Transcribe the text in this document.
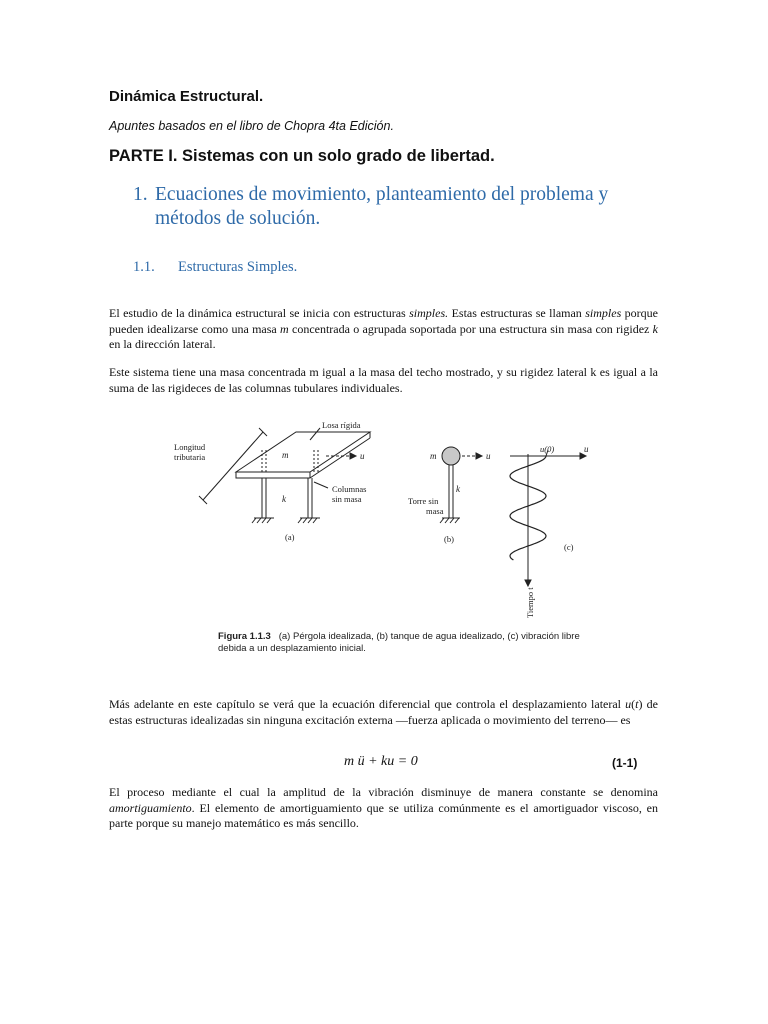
Dinámica Estructural.
Apuntes basados en el libro de Chopra 4ta Edición.
PARTE I. Sistemas con un solo grado de libertad.
1. Ecuaciones de movimiento, planteamiento del problema y métodos de solución.
1.1. Estructuras Simples.

El estudio de la dinámica estructural se inicia con estructuras simples. Estas estructuras se llaman simples porque pueden idealizarse como una masa m concentrada o agrupada soportada por una estructura sin masa con rigidez k en la dirección lateral.

Este sistema tiene una masa concentrada m igual a la masa del techo mostrado, y su rigidez lateral k es igual a la suma de las rigideces de las columnas tubulares individuales.

Losa rígida
Longitud
tributaria	m	u
k
Columnas
sin masa
(a)
m	u
k
Torre sin
masa
(b)
u(0)	u
(c)
Tiempo t
Figura 1.1.3 (a) Pérgola idealizada, (b) tanque de agua idealizado, (c) vibración libre debida a un desplazamiento inicial.

Más adelante en este capítulo se verá que la ecuación diferencial que controla el desplazamiento lateral u(t) de estas estructuras idealizadas sin ninguna excitación externa —fuerza aplicada o movimiento del terreno— es

m ü + ku = 0	(1-1)

El proceso mediante el cual la amplitud de la vibración disminuye de manera constante se denomina amortiguamiento. El elemento de amortiguamiento que se utiliza comúnmente es el amortiguador viscoso, en parte porque su manejo matemático es más sencillo.
